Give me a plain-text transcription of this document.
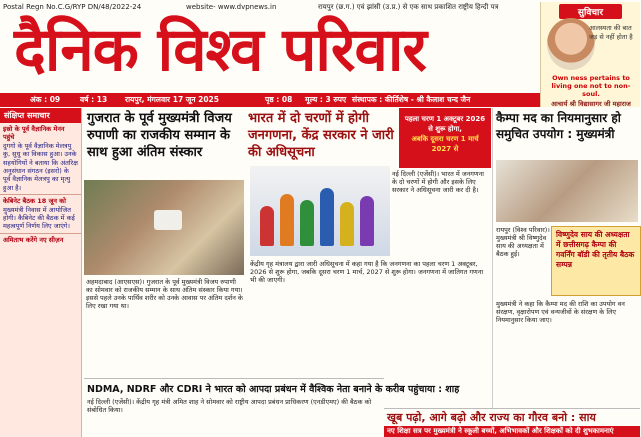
Postal Regn No.C.G/RYP DN/48/2022-24	website- www.dvpnews.in	रायपुर (छ.ग.) एवं झांसी (उ.प्र.) से एक साथ प्रकाशित राष्ट्रीय हिन्दी पत्र
दैनिक विश्व परिवार
सुविचार
आलस्यता की बात जड़ से नहीं होता है
Own ness pertains to living one not to non-soul.
आचार्य श्री विद्यासागर जी महाराज
अंक : 09	वर्ष : 13 रायपुर, मंगलवार 17 जून 2025	पृष्ठ : 08 मूल्य : 3 रुपए संस्थापक : कीर्तिशेष - श्री कैलाश चन्द जैन
संक्षिप्त समाचार
इस्रो के पूर्व वैज्ञानिक मेनन पहुंचे
दुगगो के पूर्व वैज्ञानिक मेलत्रपु कु, सुधु का विकास हुआ। उनके सहयोगियों ने बताया कि अंतरिक्ष अनुसंधान संगठन (इसरो) के पूर्व वैज्ञानिक मेलत्रपु का मृत्यु हुआ है।
केबिनेट बैठक 18 जून को
मुख्यमंत्री निवास में आयोजित होगी। कैबिनेट की बैठक में कई महत्वपूर्ण निर्णय लिए जाएंगे।
अमिताभ करेंगे नए सीज़न
गुजरात के पूर्व मुख्यमंत्री विजय रुपाणी का राजकीय सम्मान के साथ हुआ अंतिम संस्कार
अहमदाबाद (आएसएस)। गुजरात के पूर्व मुख्यमंत्री विजय रुपाणी का सोमवार को राजकीय सम्मान के साथ अंतिम संस्कार किया गया। इससे पहले उनके पार्थिव शरीर को उनके आवास पर अंतिम दर्शन के लिए रखा गया था।
भारत में दो चरणों में होगी जनगणना, केंद्र सरकार ने जारी की अधिसूचना
पहला चरण 1 अक्टूबर 2026 से शुरू होगा,
अबकि दूसरा चरण 1 मार्च 2027 से
नई दिल्ली (एजेंसी)। भारत में जनगणना के दो चरणों में होगी और इसके लिए सरकार ने अधिसूचना जारी कर दी है।
केंद्रीय गृह मंत्रालय द्वारा जारी अधिसूचना में कहा गया है कि जनगणना का पहला चरण 1 अक्टूबर, 2026 से शुरू होगा, जबकि दूसरा चरण 1 मार्च, 2027 से शुरू होगा। जनगणना में जातिगत गणना भी की जाएगी।
कैम्पा मद का नियमानुसार हो समुचित उपयोग : मुख्यमंत्री
रायपुर (विश्व परिवार)। मुख्यमंत्री श्री विष्णुदेव साय की अध्यक्षता में बैठक हुई।
विष्णुदेव साय की अध्यक्षता में छत्तीसगढ़ कैम्पा की गवर्निंग बॉडी की तृतीय बैठक सम्पन्न
मुख्यमंत्री ने कहा कि कैम्पा मद की राशि का उपयोग वन संरक्षण, वृक्षारोपण एवं वन्यजीवों के संरक्षण के लिए नियमानुसार किया जाए।
NDMA, NDRF और CDRI ने भारत को आपदा प्रबंधन में वैश्विक नेता बनाने के करीब पहुंचाया : शाह
नई दिल्ली (एजेंसी)। केंद्रीय गृह मंत्री अमित शाह ने सोमवार को राष्ट्रीय आपदा प्रबंधन प्राधिकरण (एनडीएमए) की बैठक को संबोधित किया।
खूब पढ़ो, आगे बढ़ो और राज्य का गौरव बनो : साय
नए शिक्षा सत्र पर मुख्यमंत्री ने स्कूली बच्चों, अभिभावकों और शिक्षकों को दी शुभकामनाएं
